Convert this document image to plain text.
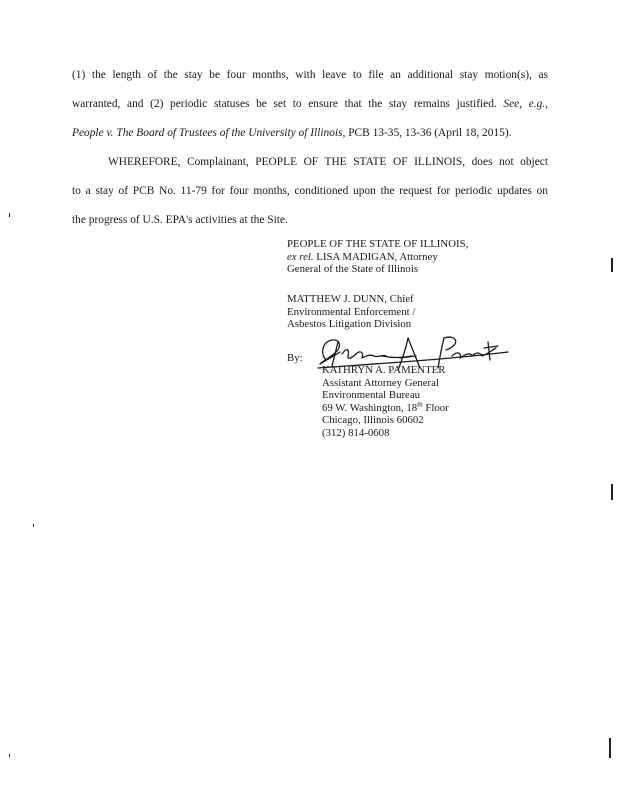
(1) the length of the stay be four months, with leave to file an additional stay motion(s), as
warranted, and (2) periodic statuses be set to ensure that the stay remains justified. See, e.g.,
People v. The Board of Trustees of the University of Illinois, PCB 13-35, 13-36 (April 18, 2015).
WHEREFORE, Complainant, PEOPLE OF THE STATE OF ILLINOIS, does not object
to a stay of PCB No. 11-79 for four months, conditioned upon the request for periodic updates on
the progress of U.S. EPA's activities at the Site.
PEOPLE OF THE STATE OF ILLINOIS,
ex rel. LISA MADIGAN, Attorney
General of the State of Illinois
MATTHEW J. DUNN, Chief
Environmental Enforcement /
Asbestos Litigation Division
By:
KATHRYN A. PAMENTER
Assistant Attorney General
Environmental Bureau
69 W. Washington, 18th Floor
Chicago, Illinois 60602
(312) 814-0608
